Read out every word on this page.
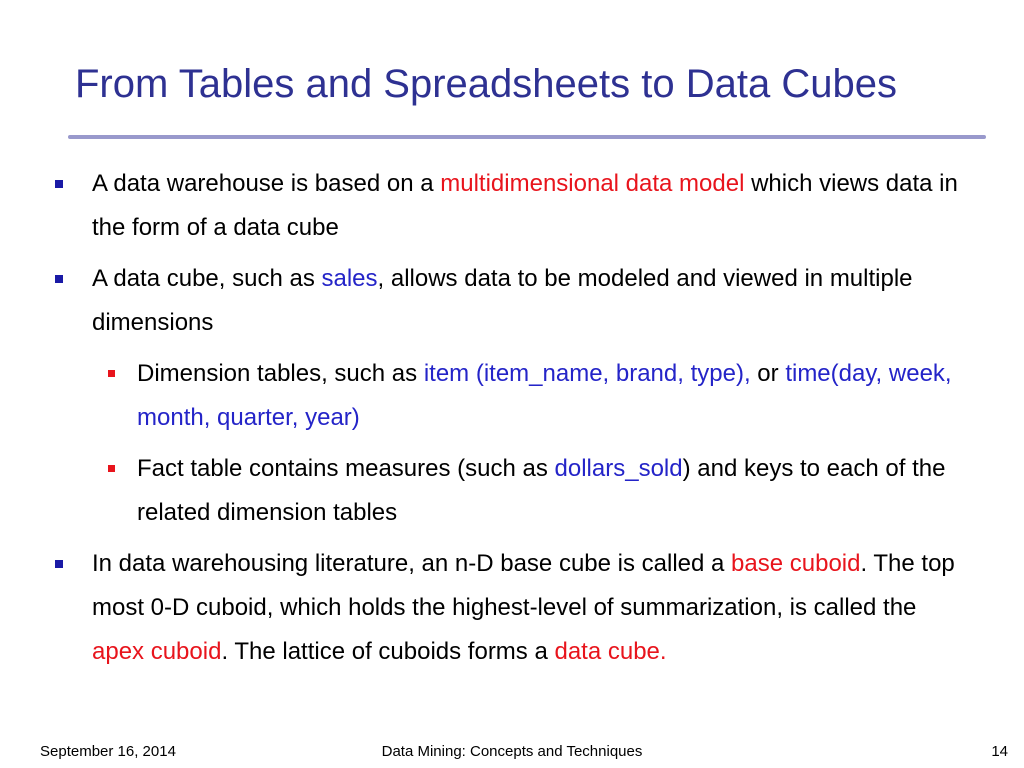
From Tables and Spreadsheets to Data Cubes
A data warehouse is based on a multidimensional data model which views data in the form of a data cube
A data cube, such as sales, allows data to be modeled and viewed in multiple dimensions
Dimension tables, such as item (item_name, brand, type), or time(day, week, month, quarter, year)
Fact table contains measures (such as dollars_sold) and keys to each of the related dimension tables
In data warehousing literature, an n-D base cube is called a base cuboid. The top most 0-D cuboid, which holds the highest-level of summarization, is called the apex cuboid. The lattice of cuboids forms a data cube.
September 16, 2014	Data Mining: Concepts and Techniques	14
